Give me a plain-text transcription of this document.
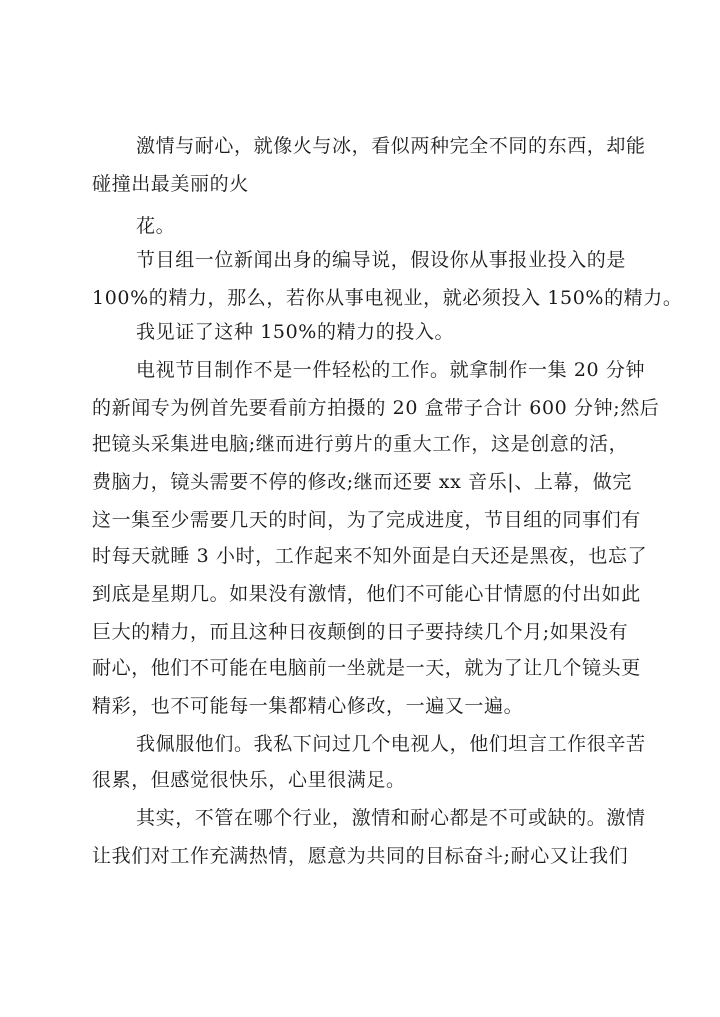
激情与耐心，就像火与冰，看似两种完全不同的东西，却能
碰撞出最美丽的火
花。
节目组一位新闻出身的编导说，假设你从事报业投入的是
100%的精力，那么，若你从事电视业，就必须投入 150%的精力。
我见证了这种 150%的精力的投入。
电视节目制作不是一件轻松的工作。就拿制作一集 20 分钟
的新闻专为例首先要看前方拍摄的 20 盒带子合计 600 分钟;然后
把镜头采集进电脑;继而进行剪片的重大工作，这是创意的活，
费脑力，镜头需要不停的修改;继而还要 xx 音乐|、上幕，做完
这一集至少需要几天的时间，为了完成进度，节目组的同事们有
时每天就睡 3 小时，工作起来不知外面是白天还是黑夜，也忘了
到底是星期几。如果没有激情，他们不可能心甘情愿的付出如此
巨大的精力，而且这种日夜颠倒的日子要持续几个月;如果没有
耐心，他们不可能在电脑前一坐就是一天，就为了让几个镜头更
精彩，也不可能每一集都精心修改，一遍又一遍。
我佩服他们。我私下问过几个电视人，他们坦言工作很辛苦
很累，但感觉很快乐，心里很满足。
其实，不管在哪个行业，激情和耐心都是不可或缺的。激情
让我们对工作充满热情，愿意为共同的目标奋斗;耐心又让我们
